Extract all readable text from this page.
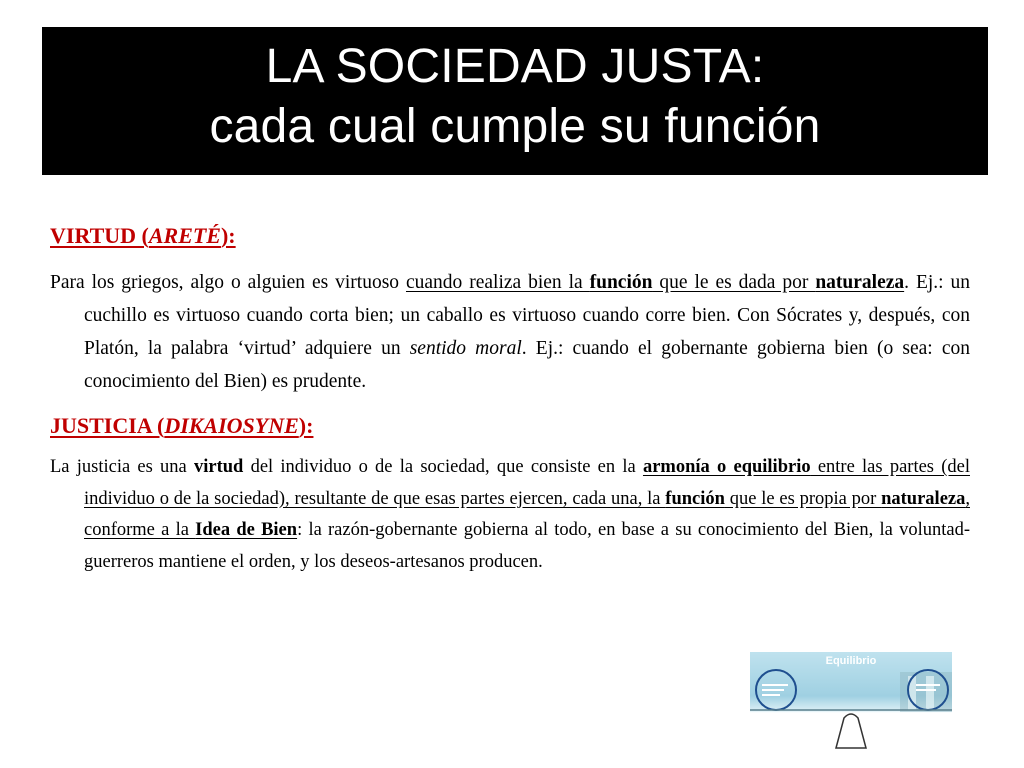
LA SOCIEDAD JUSTA:
cada cual cumple su función
VIRTUD (ARETÉ):

Para los griegos, algo o alguien es virtuoso cuando realiza bien la función que le es dada por naturaleza. Ej.: un cuchillo es virtuoso cuando corta bien; un caballo es virtuoso cuando corre bien. Con Sócrates y, después, con Platón, la palabra ‘virtud’ adquiere un sentido moral. Ej.: cuando el gobernante gobierna bien (o sea: con conocimiento del Bien) es prudente.

JUSTICIA (DIKAIOSYNE):

La justicia es una virtud del individuo o de la sociedad, que consiste en la armonía o equilibrio entre las partes (del individuo o de la sociedad), resultante de que esas partes ejercen, cada una, la función que le es propia por naturaleza, conforme a la Idea de Bien: la razón-gobernante gobierna al todo, en base a su conocimiento del Bien, la voluntad-guerreros mantiene el orden, y los deseos-artesanos producen.

Equilibrio
